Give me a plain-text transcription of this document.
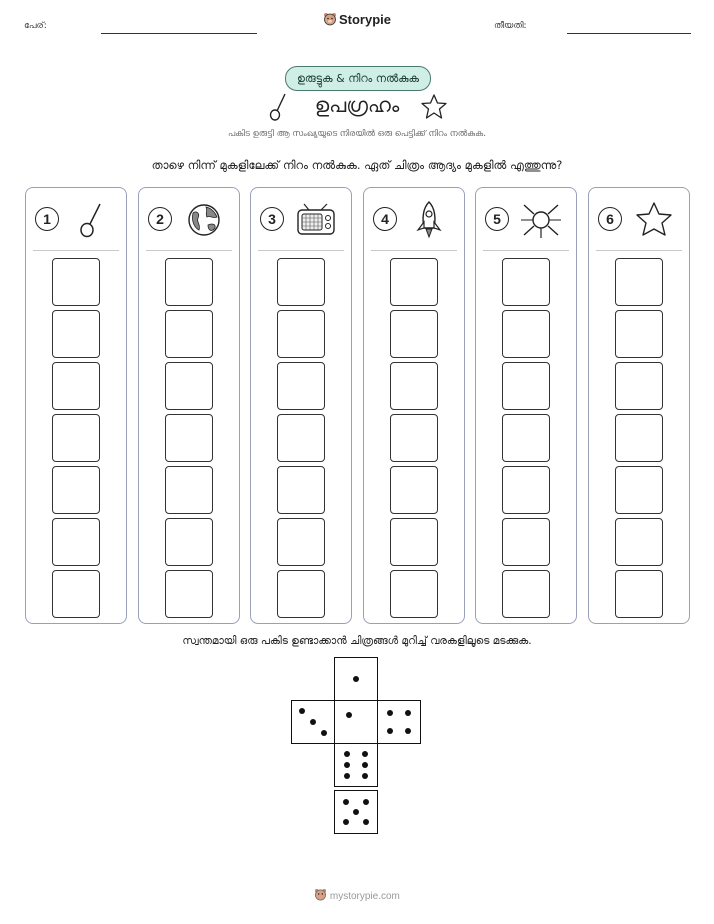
പേര്:	Storypie	തീയതി:
ഉരുട്ടുക & നിറം നൽകുക
ഉപഗ്രഹം
പകിട ഉരുട്ടി ആ സംഖ്യയുടെ നിരയിൽ ഒരു പെട്ടിക്ക് നിറം നൽകുക.
താഴെ നിന്ന് മുകളിലേക്ക് നിറം നൽകുക. ഏത് ചിത്രം ആദ്യം മുകളിൽ എത്തുന്നു?
1	2	3	4	5	6
സ്വന്തമായി ഒരു പകിട ഉണ്ടാക്കാൻ ചിത്രങ്ങൾ മുറിച്ച് വരകളിലൂടെ മടക്കുക.
mystorypie.com
